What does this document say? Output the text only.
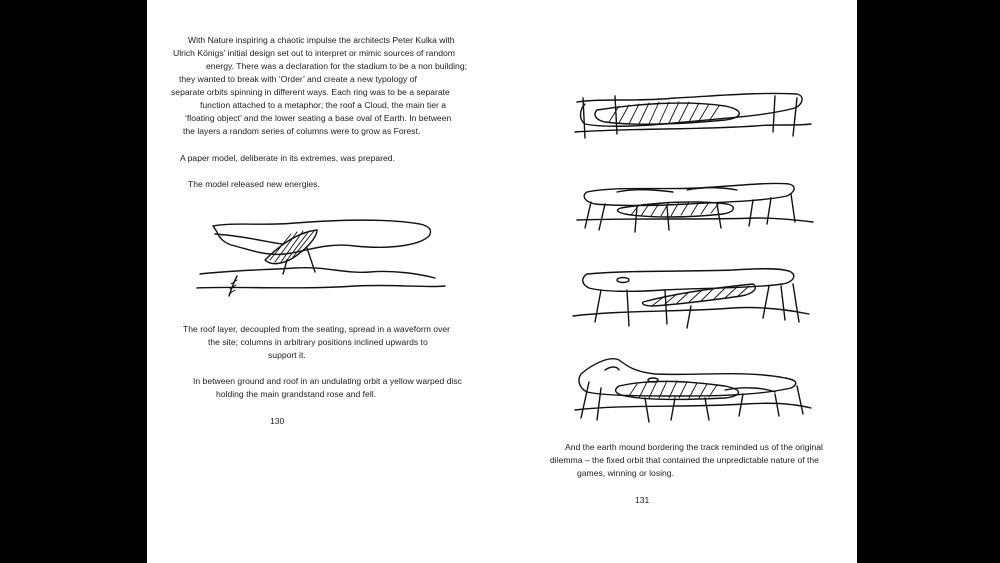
With Nature inspiring a chaotic impulse the architects Peter Kulka with
Ulrich Königs’ initial design set out to interpret or mimic sources of random
energy. There was a declaration for the stadium to be a non building;
they wanted to break with ‘Order’ and create a new typology of
separate orbits spinning in different ways. Each ring was to be a separate
function attached to a metaphor; the roof a Cloud, the main tier a
‘floating object’ and the lower seating a base oval of Earth. In between
the layers a random series of columns were to grow as Forest.
A paper model, deliberate in its extremes, was prepared.
The model released new energies.
The roof layer, decoupled from the seating, spread in a waveform over
the site; columns in arbitrary positions inclined upwards to
support it.
In between ground and roof in an undulating orbit a yellow warped disc
holding the main grandstand rose and fell.
130
And the earth mound bordering the track reminded us of the original
dilemma – the fixed orbit that contained the unpredictable nature of the
games, winning or losing.
131
